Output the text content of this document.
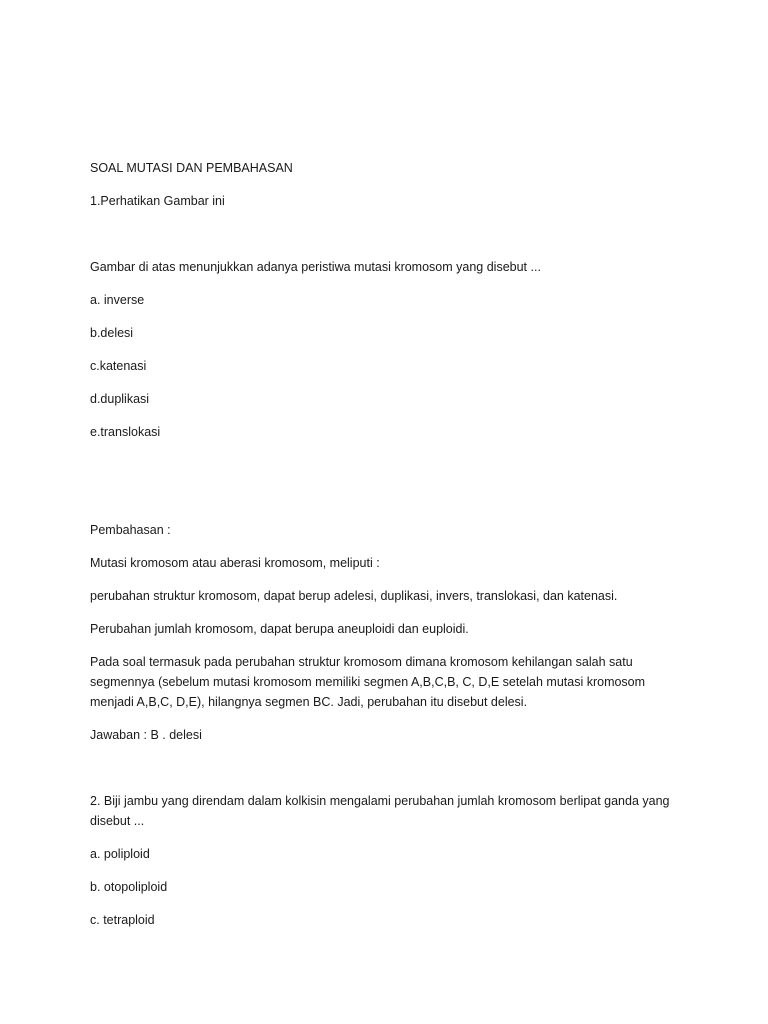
SOAL MUTASI DAN PEMBAHASAN
1.Perhatikan Gambar ini
Gambar di atas menunjukkan adanya peristiwa mutasi kromosom yang disebut ...
a. inverse
b.delesi
c.katenasi
d.duplikasi
e.translokasi
Pembahasan :
Mutasi kromosom atau aberasi kromosom, meliputi :
perubahan struktur kromosom, dapat berup adelesi, duplikasi, invers, translokasi, dan katenasi.
Perubahan jumlah kromosom, dapat berupa aneuploidi dan euploidi.
Pada soal termasuk pada perubahan struktur kromosom dimana kromosom kehilangan salah satu
segmennya (sebelum mutasi kromosom memiliki segmen A,B,C,B, C, D,E setelah mutasi kromosom
menjadi A,B,C, D,E), hilangnya segmen BC. Jadi, perubahan itu disebut delesi.
Jawaban : B . delesi
2. Biji jambu yang direndam dalam kolkisin mengalami perubahan jumlah kromosom berlipat ganda yang
disebut ...
a. poliploid
b. otopoliploid
c. tetraploid
